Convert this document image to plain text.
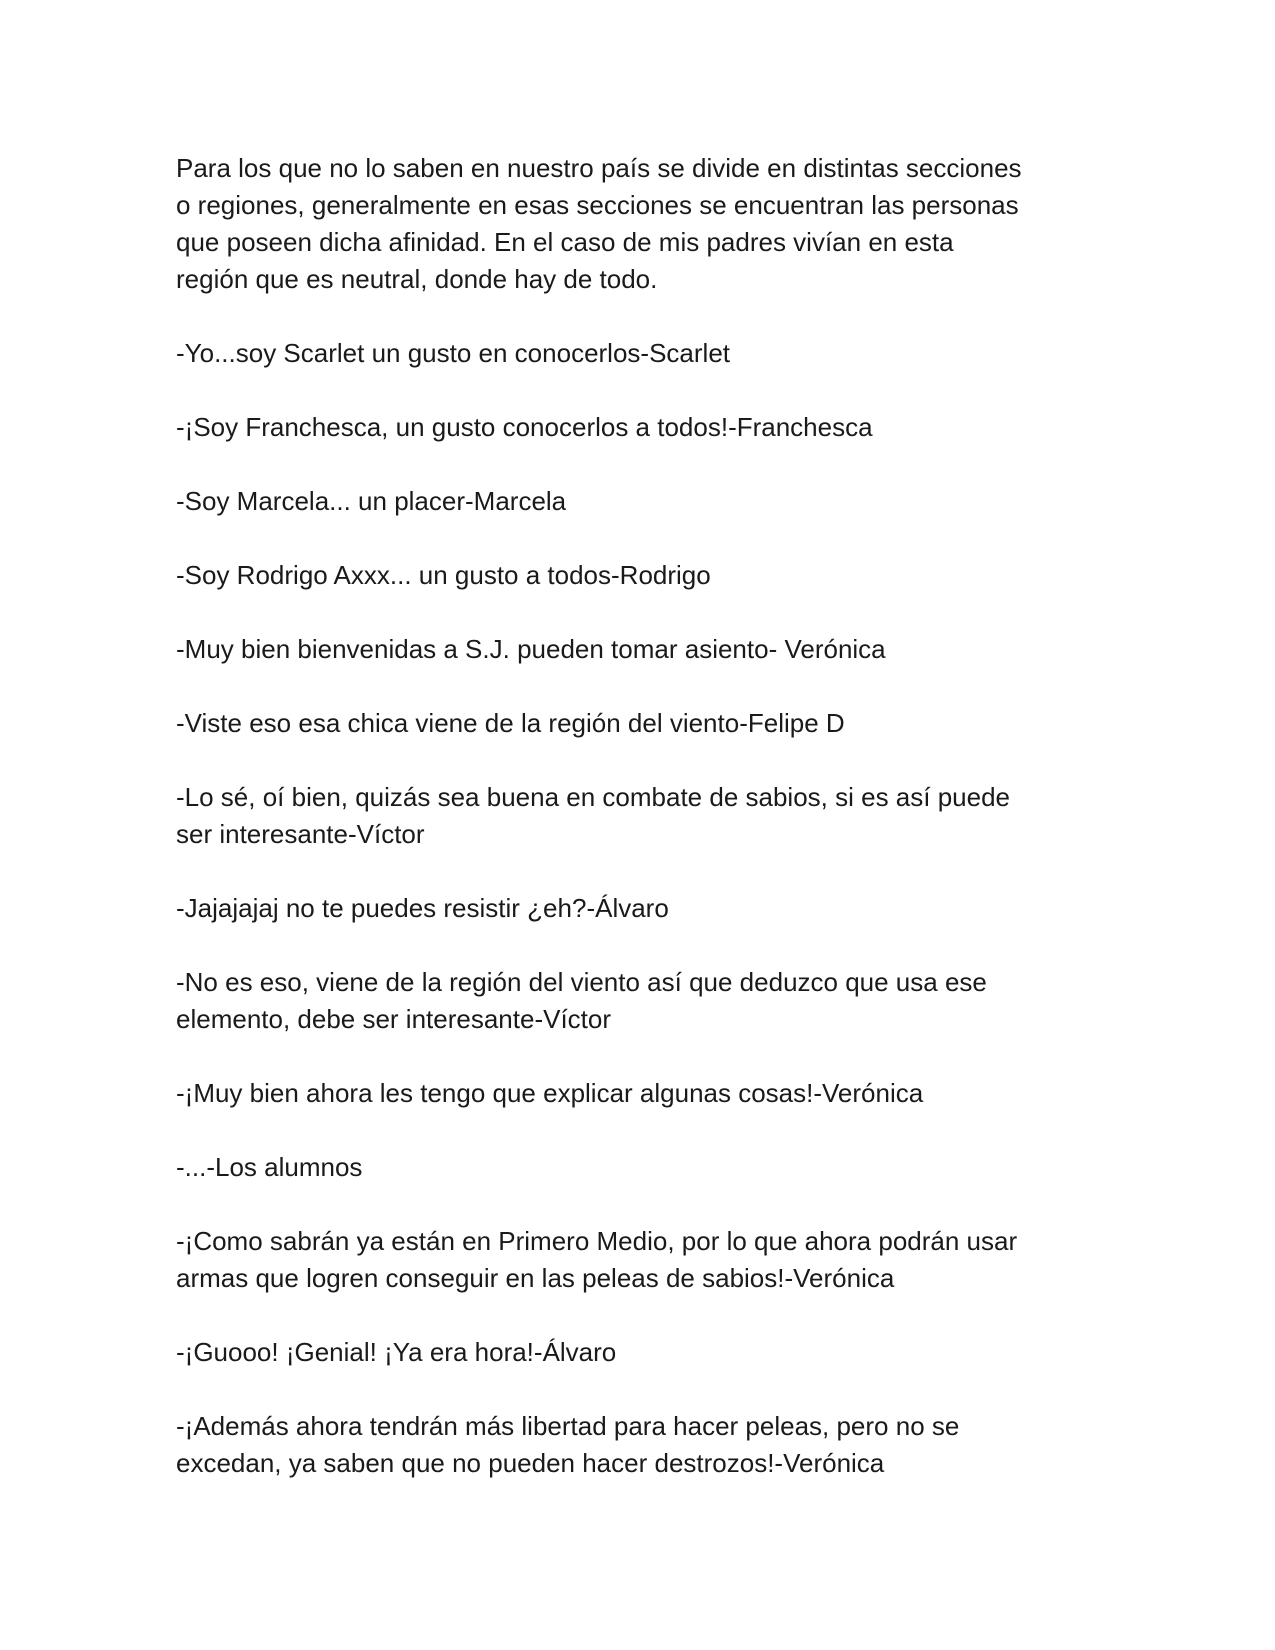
Para los que no lo saben en nuestro país se divide en distintas secciones
o regiones, generalmente en esas secciones se encuentran las personas
que poseen dicha afinidad. En el caso de mis padres vivían en esta
región que es neutral, donde hay de todo.

-Yo...soy Scarlet un gusto en conocerlos-Scarlet

-¡Soy Franchesca, un gusto conocerlos a todos!-Franchesca

-Soy Marcela... un placer-Marcela

-Soy Rodrigo Axxx... un gusto a todos-Rodrigo

-Muy bien bienvenidas a S.J. pueden tomar asiento- Verónica

-Viste eso esa chica viene de la región del viento-Felipe D

-Lo sé, oí bien, quizás sea buena en combate de sabios, si es así puede
ser interesante-Víctor

-Jajajajaj no te puedes resistir ¿eh?-Álvaro

-No es eso, viene de la región del viento así que deduzco que usa ese
elemento, debe ser interesante-Víctor

-¡Muy bien ahora les tengo que explicar algunas cosas!-Verónica

-...-Los alumnos

-¡Como sabrán ya están en Primero Medio, por lo que ahora podrán usar
armas que logren conseguir en las peleas de sabios!-Verónica

-¡Guooo! ¡Genial! ¡Ya era hora!-Álvaro

-¡Además ahora tendrán más libertad para hacer peleas, pero no se
excedan, ya saben que no pueden hacer destrozos!-Verónica
